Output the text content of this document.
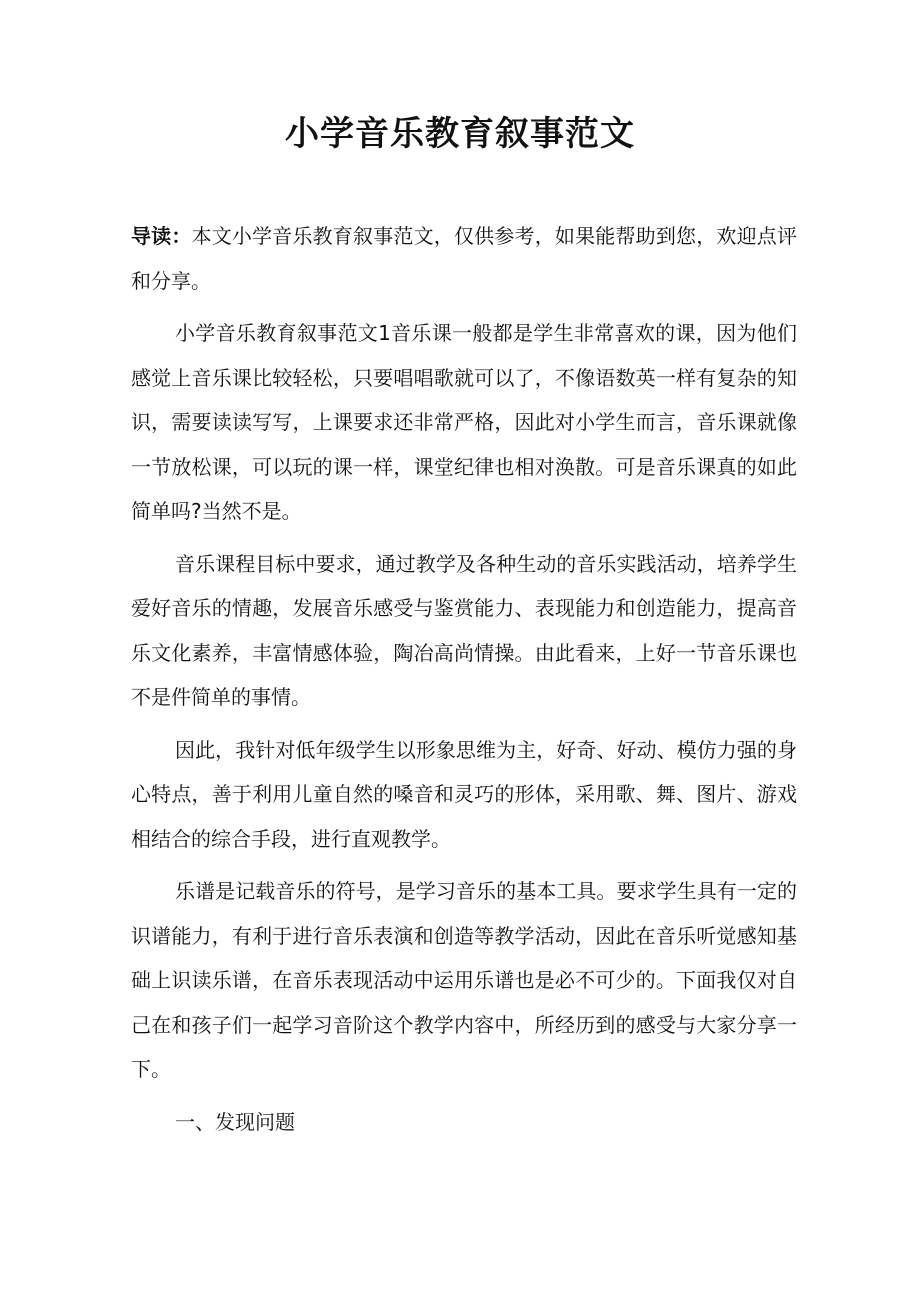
小学音乐教育叙事范文

导读：本文小学音乐教育叙事范文，仅供参考，如果能帮助到您，欢迎点评和分享。

小学音乐教育叙事范文1音乐课一般都是学生非常喜欢的课，因为他们感觉上音乐课比较轻松，只要唱唱歌就可以了，不像语数英一样有复杂的知识，需要读读写写，上课要求还非常严格，因此对小学生而言，音乐课就像一节放松课，可以玩的课一样，课堂纪律也相对涣散。可是音乐课真的如此简单吗?当然不是。

音乐课程目标中要求，通过教学及各种生动的音乐实践活动，培养学生爱好音乐的情趣，发展音乐感受与鉴赏能力、表现能力和创造能力，提高音乐文化素养，丰富情感体验，陶冶高尚情操。由此看来，上好一节音乐课也不是件简单的事情。

因此，我针对低年级学生以形象思维为主，好奇、好动、模仿力强的身心特点，善于利用儿童自然的嗓音和灵巧的形体，采用歌、舞、图片、游戏相结合的综合手段，进行直观教学。

乐谱是记载音乐的符号，是学习音乐的基本工具。要求学生具有一定的识谱能力，有利于进行音乐表演和创造等教学活动，因此在音乐听觉感知基础上识读乐谱，在音乐表现活动中运用乐谱也是必不可少的。下面我仅对自己在和孩子们一起学习音阶这个教学内容中，所经历到的感受与大家分享一下。

一、发现问题
